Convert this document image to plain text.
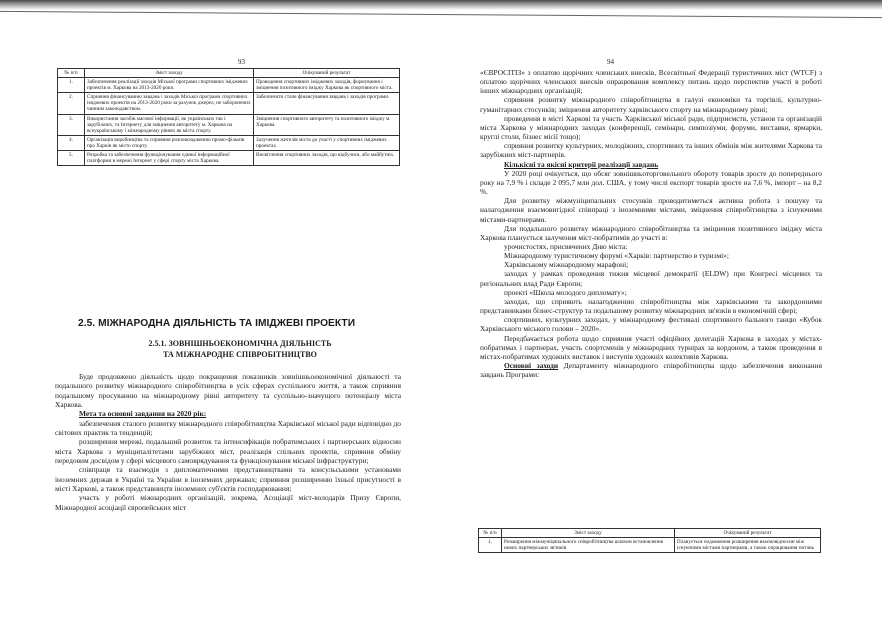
93
№ п/п	Зміст заходу	Очікуваний результат
1.	Забезпечення реалізації заходів Міської програми спортивних іміджевих проектів м. Харкова на 2013-2020 роки.	Проведення спортивних іміджевих заходів, формування і зміцнення позитивного іміджу Харкова як спортивного міста.
2.	Сприяння фінансуванню завдань і заходів Міської програми спортивних іміджевих проектів на 2013-2020 роки за рахунок джерел, не заборонених чинним законодавством.	Забезпечити стале фінансування завдань і заходів програми.
3.	Використання засобів масової інформації, як українських так і зарубіжних, та Інтернету для зміцнення авторитету м. Харкова на всеукраїнському і міжнародному рівнях як міста спорту.	Зміцнення спортивного авторитету та позитивного іміджу м. Харкова.
4.	Організація виробництва та сприяння розповсюдженню промо-фільмів про Харків як місто спорту.	Залучення жителів міста до участі у спортивних іміджевих проектах.
5.	Розробка та забезпечення функціонування єдиної інформаційної платформи в мережі Інтернет у сфері спорту міста Харкова.	Висвітлення спортивних заходів, що відбулися, або майбутніх.
2.5. МІЖНАРОДНА ДІЯЛЬНІСТЬ ТА ІМІДЖЕВІ ПРОЕКТИ
2.5.1. ЗОВНІШНЬОЕКОНОМІЧНА ДІЯЛЬНІСТЬ
ТА МІЖНАРОДНЕ СПІВРОБІТНИЦТВО

Буде продовжено діяльність щодо покращення показників зовнішньоекономічної діяльності та подальшого розвитку міжнародного співробітництва в усіх сферах суспільного життя, а також сприяння подальшому просуванню на міжнародному рівні авторитету та суспільно-значущого потенціалу міста Харкова.

Мета та основні завдання на 2020 рік:

забезпечення сталого розвитку міжнародного співробітництва Харківської міської ради відповідно до світових практик та тенденцій;

розширення мережі, подальший розвиток та інтенсифікація побратимських і партнерських відносин міста Харкова з муніципалітетами зарубіжних міст, реалізація спільних проектів, сприяння обміну передовим досвідом у сфері місцевого самоврядування та функціонування міської інфраструктури;

співпраця та взаємодія з дипломатичними представництвами та консульськими установами іноземних держав в Україні та України в іноземних державах; сприяння розширенню їхньої присутності в місті Харкові, а також представництв іноземних суб'єктів господарювання;

участь у роботі міжнародних організацій, зокрема, Асоціації міст-володарів Призу Європи, Міжнародної асоціації європейських міст

94

«ЄВРОСІТІЗ» з оплатою щорічних членських внесків, Всесвітньої Федерації туристичних міст (WTCF) з оплатою щорічних членських внесків опрацювання комплексу питань щодо перспектив участі в роботі інших міжнародних організацій;

сприяння розвитку міжнародного співробітництва в галузі економіки та торгівлі, культурно-гуманітарних стосунків; зміцнення авторитету харківського спорту на міжнародному рівні;

проведення в місті Харкові та участь Харківської міської ради, підприємств, установ та організацій міста Харкова у міжнародних заходах (конференції, семінари, симпозіуми, форуми, виставки, ярмарки, круглі столи, бізнес місії тощо);

сприяння розвитку культурних, молодіжних, спортивних та інших обмінів між жителями Харкова та зарубіжних міст-партнерів.

Кількісні та якісні критерії реалізації завдань

У 2020 році очікується, що обсяг зовнішньоторговельного обороту товарів зросте до попереднього року на 7,9 % і складе 2 095,7 млн дол. США, у тому числі експорт товарів зросте на 7,6 %, імпорт – на 8,2 %.

Для розвитку міжмуніципальних стосунків проводитиметься активна робота з пошуку та налагодження взаємовигідної співпраці з іноземними містами, зміцнення співробітництва з існуючими містами-партнерами.

Для подальшого розвитку міжнародного співробітництва та зміцнення позитивного іміджу міста Харкова планується залучення міст-побратимів до участі в:

урочистостях, присвячених Дню міста;

Міжнародному туристичному форумі «Харків: партнерство в туризмі»;

Харківському міжнародному марафоні;

заходах у рамках проведення тижня місцевої демократії (ELDW) при Конгресі місцевих та регіональних влад Ради Європи;

проекті «Школа молодого дипломату»;

заходах, що сприяють налагодженню співробітництва між харківськими та закордонними представниками бізнес-структур та подальшому розвитку міжнародних зв'язків в економічній сфері;

спортивних, культурних заходах, у міжнародному фестивалі спортивного бального танцю «Кубок Харківського міського голови – 2020».

Передбачається робота щодо сприяння участі офіційних делегацій Харкова в заходах у містах-побратимах і партнерах, участь спортсменів у міжнародних турнірах за кордоном, а також проведення в містах-побратимах художніх виставок і виступів художніх колективів Харкова.

Основні заходи Департаменту міжнародного співробітництва щодо забезпечення виконання завдань Програми:

№ п/п	Зміст заходу	Очікуваний результат
1.	Розширення міжмуніципального співробітництва шляхом встановлення нових партнерських зв'язків	Планується подовження розширення взаємовідносин між існуючими містами партнерами, а також опрацювання питань
